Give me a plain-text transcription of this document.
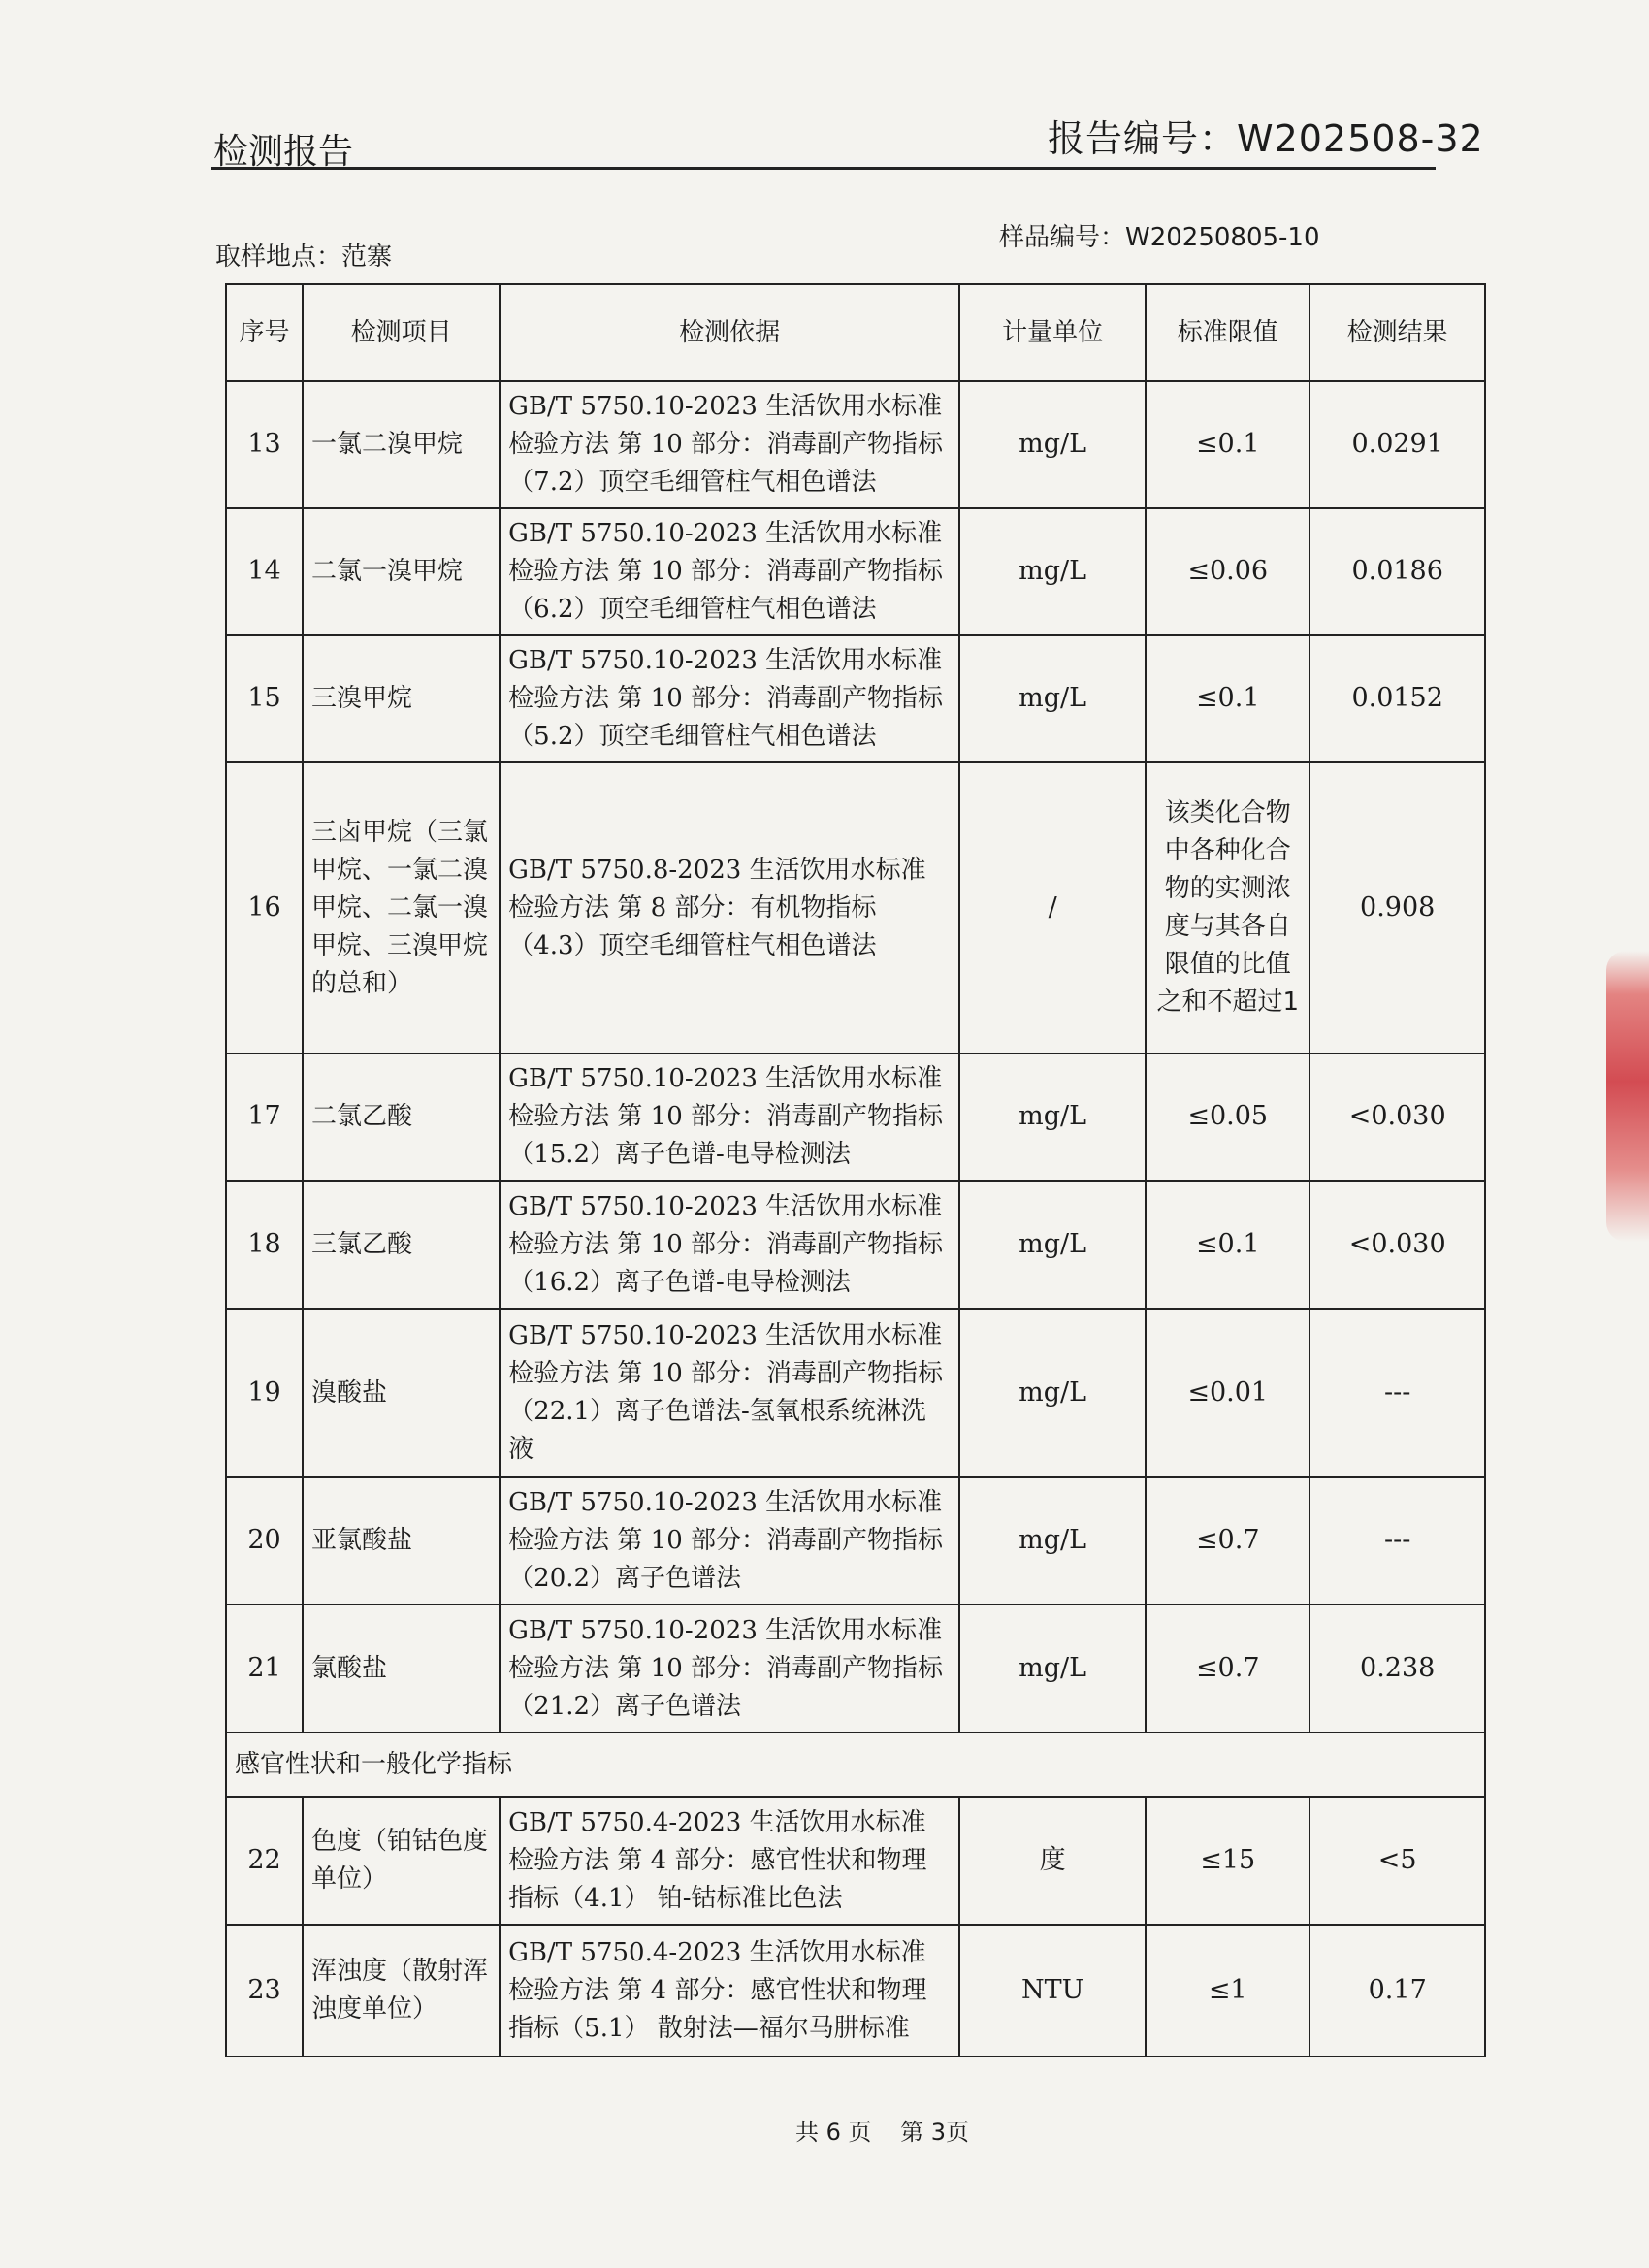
检测报告	报告编号：W202508-32
取样地点：范寨
样品编号：W20250805-10
序号	检测项目	检测依据	计量单位	标准限值	检测结果
13	一氯二溴甲烷	GB/T 5750.10-2023 生活饮用水标准检验方法 第 10 部分：消毒副产物指标（7.2）顶空毛细管柱气相色谱法	mg/L	≤0.1	0.0291
14	二氯一溴甲烷	GB/T 5750.10-2023 生活饮用水标准检验方法 第 10 部分：消毒副产物指标（6.2）顶空毛细管柱气相色谱法	mg/L	≤0.06	0.0186
15	三溴甲烷	GB/T 5750.10-2023 生活饮用水标准检验方法 第 10 部分：消毒副产物指标（5.2）顶空毛细管柱气相色谱法	mg/L	≤0.1	0.0152
16	三卤甲烷（三氯甲烷、一氯二溴甲烷、二氯一溴甲烷、三溴甲烷的总和）	GB/T 5750.8-2023 生活饮用水标准检验方法 第 8 部分：有机物指标（4.3）顶空毛细管柱气相色谱法	/	该类化合物中各种化合物的实测浓度与其各自限值的比值之和不超过1	0.908
17	二氯乙酸	GB/T 5750.10-2023 生活饮用水标准检验方法 第 10 部分：消毒副产物指标（15.2）离子色谱-电导检测法	mg/L	≤0.05	<0.030
18	三氯乙酸	GB/T 5750.10-2023 生活饮用水标准检验方法 第 10 部分：消毒副产物指标（16.2）离子色谱-电导检测法	mg/L	≤0.1	<0.030
19	溴酸盐	GB/T 5750.10-2023 生活饮用水标准检验方法 第 10 部分：消毒副产物指标（22.1）离子色谱法-氢氧根系统淋洗液	mg/L	≤0.01	---
20	亚氯酸盐	GB/T 5750.10-2023 生活饮用水标准检验方法 第 10 部分：消毒副产物指标（20.2）离子色谱法	mg/L	≤0.7	---
21	氯酸盐	GB/T 5750.10-2023 生活饮用水标准检验方法 第 10 部分：消毒副产物指标（21.2）离子色谱法	mg/L	≤0.7	0.238
感官性状和一般化学指标					
22	色度（铂钴色度单位）	GB/T 5750.4-2023 生活饮用水标准检验方法 第 4 部分：感官性状和物理指标（4.1） 铂-钴标准比色法	度	≤15	<5
23	浑浊度（散射浑浊度单位）	GB/T 5750.4-2023 生活饮用水标准检验方法 第 4 部分：感官性状和物理指标（5.1） 散射法—福尔马肼标准	NTU	≤1	0.17
共 6 页 第 3页
